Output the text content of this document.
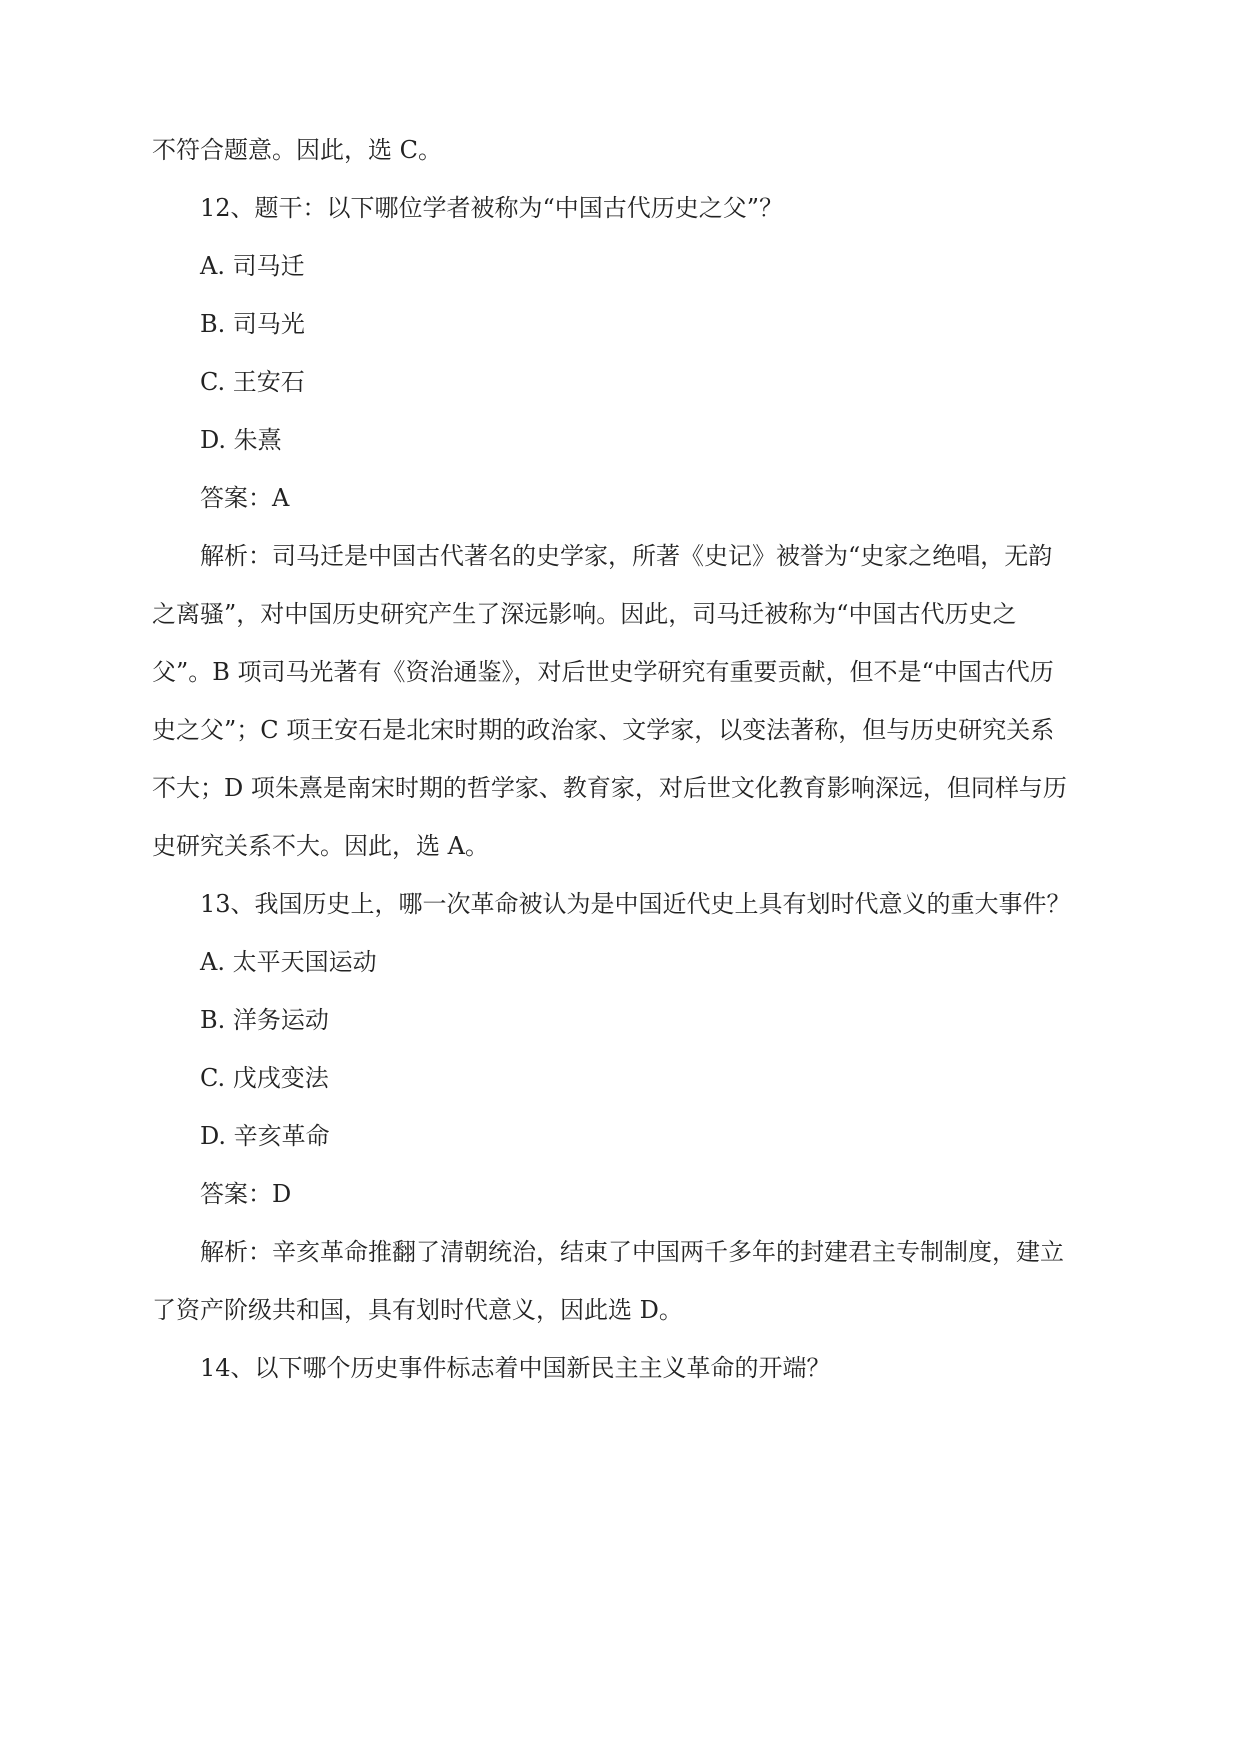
不符合题意。因此，选 C。
12、题干：以下哪位学者被称为“中国古代历史之父”？
A. 司马迁
B. 司马光
C. 王安石
D. 朱熹
答案：A
解析：司马迁是中国古代著名的史学家，所著《史记》被誉为“史家之绝唱，无韵
之离骚”，对中国历史研究产生了深远影响。因此，司马迁被称为“中国古代历史之
父”。B 项司马光著有《资治通鉴》，对后世史学研究有重要贡献，但不是“中国古代历
史之父”；C 项王安石是北宋时期的政治家、文学家，以变法著称，但与历史研究关系
不大；D 项朱熹是南宋时期的哲学家、教育家，对后世文化教育影响深远，但同样与历
史研究关系不大。因此，选 A。
13、我国历史上，哪一次革命被认为是中国近代史上具有划时代意义的重大事件？
A. 太平天国运动
B. 洋务运动
C. 戊戌变法
D. 辛亥革命
答案：D
解析：辛亥革命推翻了清朝统治，结束了中国两千多年的封建君主专制制度，建立
了资产阶级共和国，具有划时代意义，因此选 D。
14、以下哪个历史事件标志着中国新民主主义革命的开端？
